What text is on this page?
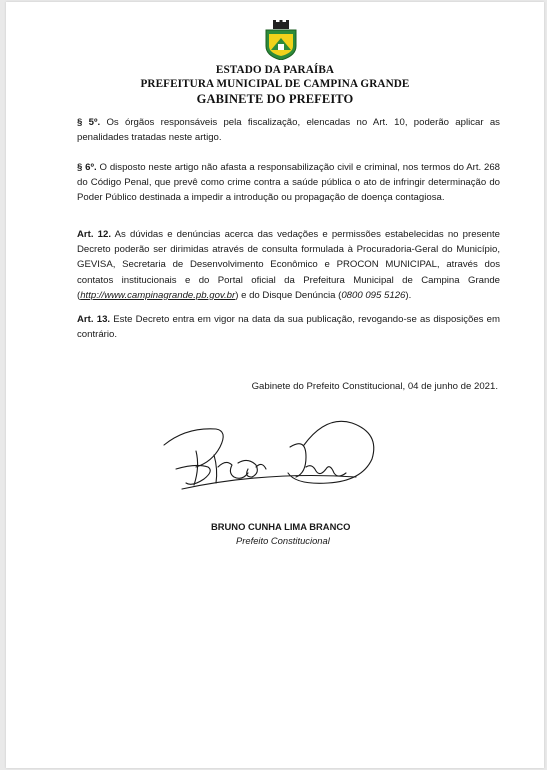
ESTADO DA PARAÍBA
PREFEITURA MUNICIPAL DE CAMPINA GRANDE
GABINETE DO PREFEITO

§ 5º. Os órgãos responsáveis pela fiscalização, elencadas no Art. 10, poderão aplicar as penalidades tratadas neste artigo.

§ 6º. O disposto neste artigo não afasta a responsabilização civil e criminal, nos termos do Art. 268 do Código Penal, que prevê como crime contra a saúde pública o ato de infringir determinação do Poder Público destinada a impedir a introdução ou propagação de doença contagiosa.

Art. 12. As dúvidas e denúncias acerca das vedações e permissões estabelecidas no presente Decreto poderão ser dirimidas através de consulta formulada à Procuradoria-Geral do Município, GEVISA, Secretaria de Desenvolvimento Econômico e PROCON MUNICIPAL, através dos contatos institucionais e do Portal oficial da Prefeitura Municipal de Campina Grande (http://www.campinagrande.pb.gov.br) e do Disque Denúncia (0800 095 5126).

Art. 13. Este Decreto entra em vigor na data da sua publicação, revogando-se as disposições em contrário.

Gabinete do Prefeito Constitucional, 04 de junho de 2021.
BRUNO CUNHA LIMA BRANCO
Prefeito Constitucional
